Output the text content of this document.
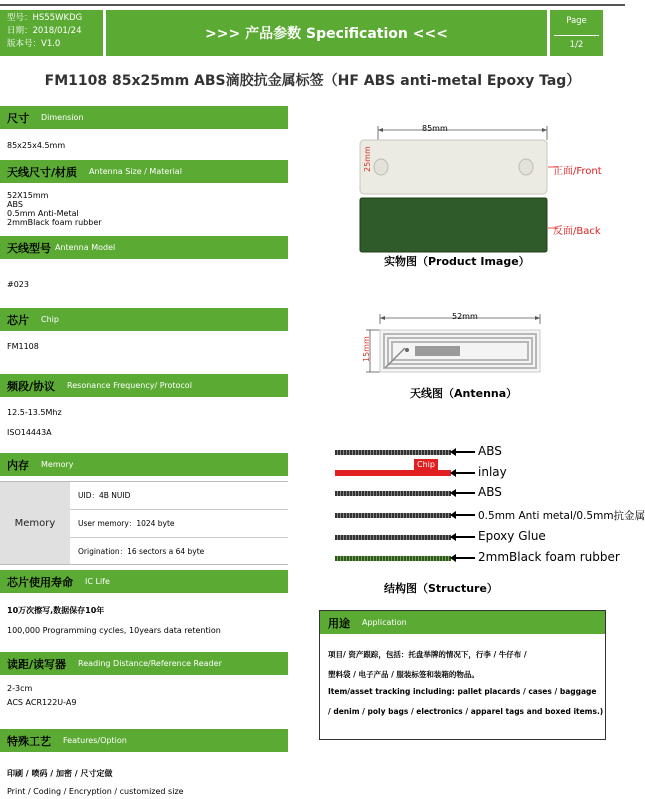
型号：HS55WKDG
日期：2018/01/24
版本号：V1.0
>>> 产品参数 Specification <<<
Page
1/2
FM1108 85x25mm ABS滴胶抗金属标签（HF ABS anti-metal Epoxy Tag）
尺寸 Dimension
85x25x4.5mm
天线尺寸/材质 Antenna Size / Material
52X15mm
ABS
0.5mm Anti-Metal
2mmBlack foam rubber
天线型号 Antenna Model
#023
芯片 Chip
FM1108
频段/协议 Resonance Frequency/ Protocol
12.5-13.5Mhz
ISO14443A
内存 Memory
Memory
UID：4B NUID
User memory：1024 byte
Origination：16 sectors a 64 byte
芯片使用寿命 IC Life
10万次擦写,数据保存10年
100,000 Programming cycles, 10years data retention
读距/读写器 Reading Distance/Reference Reader
2-3cm
ACS ACR122U-A9
特殊工艺 Features/Option
印刷 / 喷码 / 加密 / 尺寸定做
Print / Coding / Encryption / customized size
85mm
25mm	正面/Front
反面/Back
实物图（Product Image）
52mm
15mm
天线图（Antenna）
ABS
Chip
inlay
ABS
0.5mm Anti metal/0.5mm抗金属
Epoxy Glue
2mmBlack foam rubber
结构图（Structure）
用途 Application
项目/ 资产跟踪，包括：托盘举牌的情况下，行李 / 牛仔布 /
塑料袋 / 电子产品 / 服装标签和装箱的物品。
Item/asset tracking including: pallet placards / cases / baggage
/ denim / poly bags / electronics / apparel tags and boxed items.)
